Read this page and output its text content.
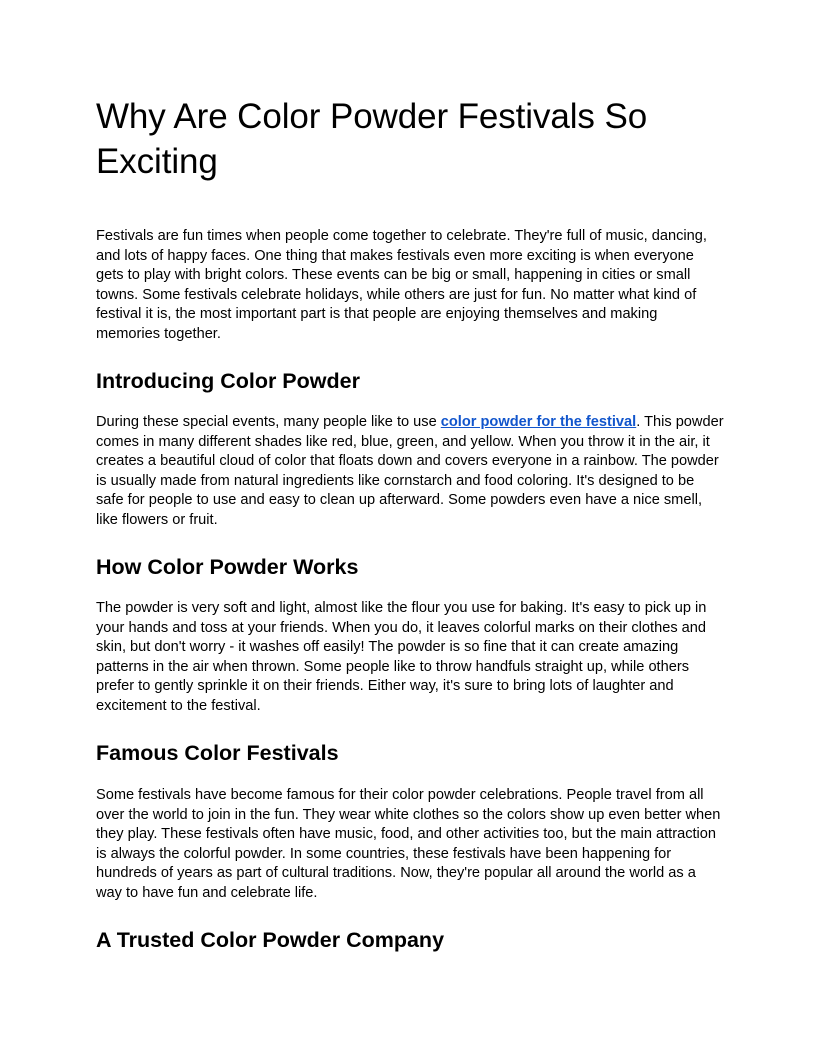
Why Are Color Powder Festivals So Exciting

Festivals are fun times when people come together to celebrate. They're full of music, dancing, and lots of happy faces. One thing that makes festivals even more exciting is when everyone gets to play with bright colors. These events can be big or small, happening in cities or small towns. Some festivals celebrate holidays, while others are just for fun. No matter what kind of festival it is, the most important part is that people are enjoying themselves and making memories together.

Introducing Color Powder

During these special events, many people like to use color powder for the festival. This powder comes in many different shades like red, blue, green, and yellow. When you throw it in the air, it creates a beautiful cloud of color that floats down and covers everyone in a rainbow. The powder is usually made from natural ingredients like cornstarch and food coloring. It's designed to be safe for people to use and easy to clean up afterward. Some powders even have a nice smell, like flowers or fruit.

How Color Powder Works

The powder is very soft and light, almost like the flour you use for baking. It's easy to pick up in your hands and toss at your friends. When you do, it leaves colorful marks on their clothes and skin, but don't worry - it washes off easily! The powder is so fine that it can create amazing patterns in the air when thrown. Some people like to throw handfuls straight up, while others prefer to gently sprinkle it on their friends. Either way, it's sure to bring lots of laughter and excitement to the festival.

Famous Color Festivals

Some festivals have become famous for their color powder celebrations. People travel from all over the world to join in the fun. They wear white clothes so the colors show up even better when they play. These festivals often have music, food, and other activities too, but the main attraction is always the colorful powder. In some countries, these festivals have been happening for hundreds of years as part of cultural traditions. Now, they're popular all around the world as a way to have fun and celebrate life.

A Trusted Color Powder Company
